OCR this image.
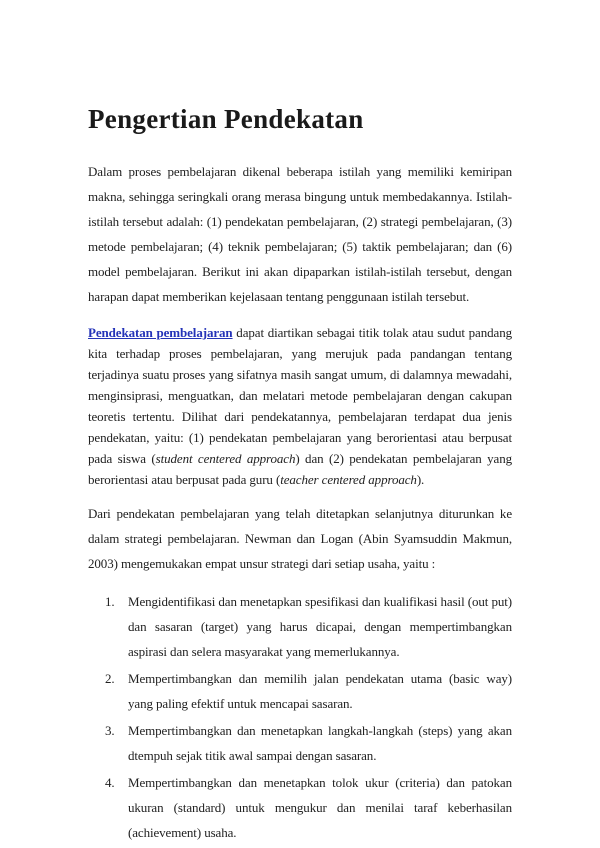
Pengertian Pendekatan

Dalam proses pembelajaran dikenal beberapa istilah yang memiliki kemiripan makna, sehingga seringkali orang merasa bingung untuk membedakannya. Istilah-istilah tersebut adalah: (1) pendekatan pembelajaran, (2) strategi pembelajaran, (3) metode pembelajaran; (4) teknik pembelajaran; (5) taktik pembelajaran; dan (6) model pembelajaran. Berikut ini akan dipaparkan istilah-istilah tersebut, dengan harapan dapat memberikan kejelasaan tentang penggunaan istilah tersebut.

Pendekatan pembelajaran dapat diartikan sebagai titik tolak atau sudut pandang kita terhadap proses pembelajaran, yang merujuk pada pandangan tentang terjadinya suatu proses yang sifatnya masih sangat umum, di dalamnya mewadahi, menginsiprasi, menguatkan, dan melatari metode pembelajaran dengan cakupan teoretis tertentu. Dilihat dari pendekatannya, pembelajaran terdapat dua jenis pendekatan, yaitu: (1) pendekatan pembelajaran yang berorientasi atau berpusat pada siswa (student centered approach) dan (2) pendekatan pembelajaran yang berorientasi atau berpusat pada guru (teacher centered approach).

Dari pendekatan pembelajaran yang telah ditetapkan selanjutnya diturunkan ke dalam strategi pembelajaran. Newman dan Logan (Abin Syamsuddin Makmun, 2003) mengemukakan empat unsur strategi dari setiap usaha, yaitu :

1. Mengidentifikasi dan menetapkan spesifikasi dan kualifikasi hasil (out put) dan sasaran (target) yang harus dicapai, dengan mempertimbangkan aspirasi dan selera masyarakat yang memerlukannya.
2. Mempertimbangkan dan memilih jalan pendekatan utama (basic way) yang paling efektif untuk mencapai sasaran.
3. Mempertimbangkan dan menetapkan langkah-langkah (steps) yang akan dtempuh sejak titik awal sampai dengan sasaran.
4. Mempertimbangkan dan menetapkan tolok ukur (criteria) dan patokan ukuran (standard) untuk mengukur dan menilai taraf keberhasilan (achievement) usaha.
